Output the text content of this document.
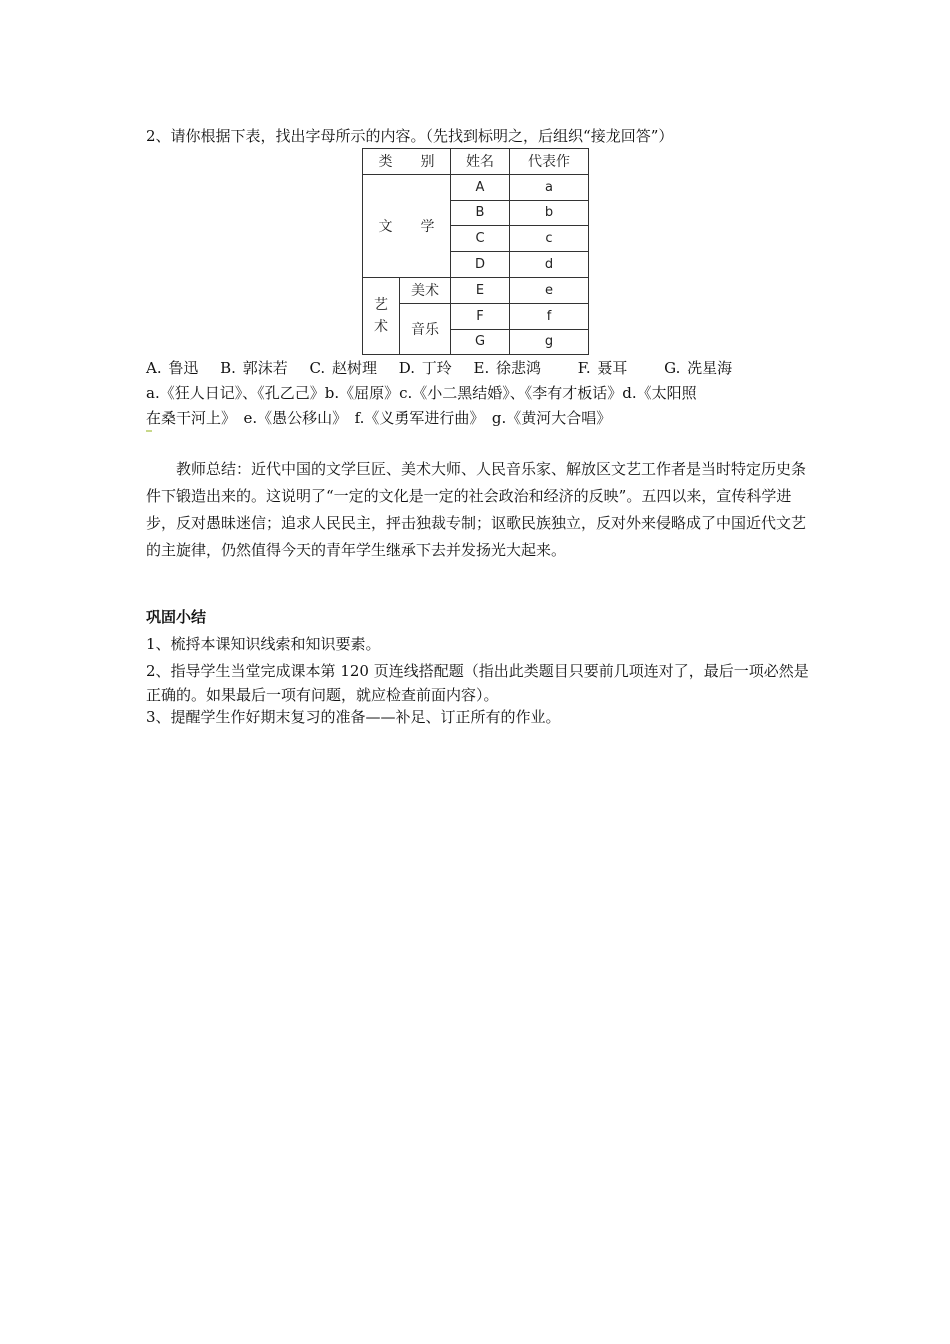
2、请你根据下表，找出字母所示的内容。（先找到标明之，后组织“接龙回答”）
类　　别		姓名	代表作
文　　学		A	a
		B	b
		C	c
		D	d

艺
术	美术	E	e
	音乐	F	f
		G	g
A. 鲁迅　 B. 郭沫若　 C. 赵树理　 D. 丁玲　 E. 徐悲鸿　　 F. 聂耳　　 G. 冼星海
a.《狂人日记》、《孔乙己》b.《屈原》c.《小二黑结婚》、《李有才板话》d.《太阳照
在桑干河上》　e.《愚公移山》　f.《义勇军进行曲》　g.《黄河大合唱》
教师总结：近代中国的文学巨匠、美术大师、人民音乐家、解放区文艺工作者是当时特定历史条件下锻造出来的。这说明了“一定的文化是一定的社会政治和经济的反映”。五四以来，宣传科学进步，反对愚昧迷信；追求人民民主，抨击独裁专制；讴歌民族独立，反对外来侵略成了中国近代文艺的主旋律，仍然值得今天的青年学生继承下去并发扬光大起来。
巩固小结
1、梳捋本课知识线索和知识要素。
2、指导学生当堂完成课本第 120 页连线搭配题（指出此类题目只要前几项连对了，最后一项必然是正确的。如果最后一项有问题，就应检查前面内容）。
3、提醒学生作好期末复习的准备——补足、订正所有的作业。
